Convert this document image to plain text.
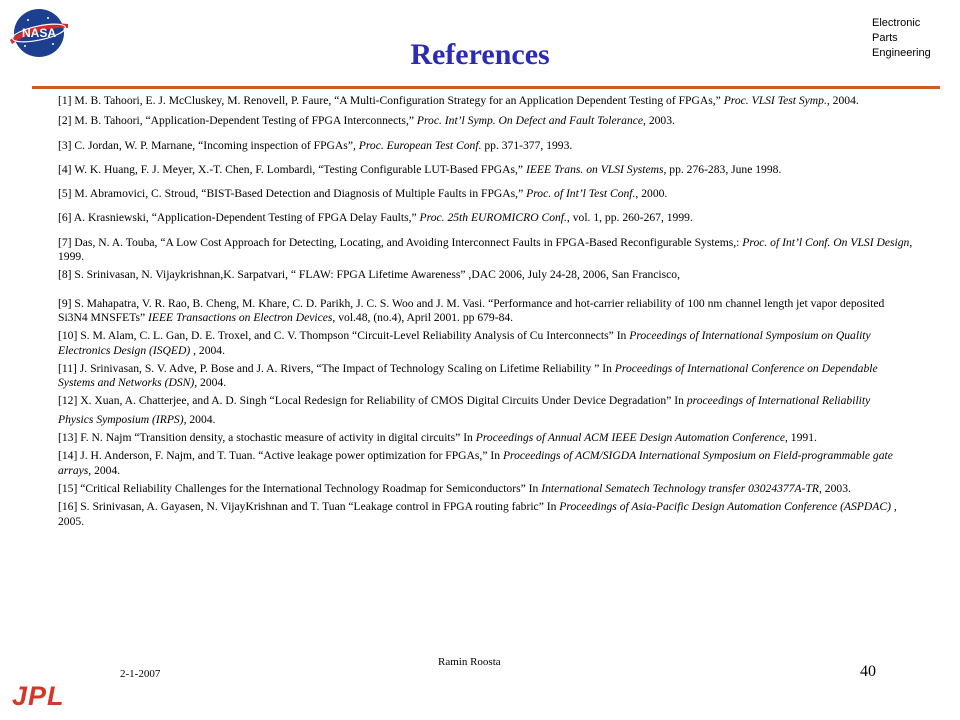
NASA
References
Electronic
Parts
Engineering
[1] M. B. Tahoori, E. J. McCluskey, M. Renovell, P. Faure, “A Multi-Configuration Strategy for an Application Dependent Testing of FPGAs,” Proc. VLSI Test Symp., 2004.
[2] M. B. Tahoori, “Application-Dependent Testing of FPGA Interconnects,” Proc. Int’l Symp. On Defect and Fault Tolerance, 2003.
[3] C. Jordan, W. P. Marnane, “Incoming inspection of FPGAs”, Proc. European Test Conf. pp. 371-377, 1993.
[4] W. K. Huang, F. J. Meyer, X.-T. Chen, F. Lombardi, “Testing Configurable LUT-Based FPGAs,” IEEE Trans. on VLSI Systems, pp. 276-283, June 1998.
[5] M. Abramovici, C. Stroud, “BIST-Based Detection and Diagnosis of Multiple Faults in FPGAs,” Proc. of Int’l Test Conf., 2000.
[6] A. Krasniewski, “Application-Dependent Testing of FPGA Delay Faults,” Proc. 25th EUROMICRO Conf., vol. 1, pp. 260-267, 1999.
[7] Das, N. A. Touba, “A Low Cost Approach for Detecting, Locating, and Avoiding Interconnect Faults in FPGA-Based Reconfigurable Systems,: Proc. of Int’l Conf. On VLSI Design, 1999.
[8] S. Srinivasan, N. Vijaykrishnan,K. Sarpatvari, “ FLAW: FPGA Lifetime Awareness” ,DAC 2006, July 24-28, 2006, San Francisco,
[9] S. Mahapatra, V. R. Rao, B. Cheng, M. Khare, C. D. Parikh, J. C. S. Woo and J. M. Vasi. “Performance and hot-carrier reliability of 100 nm channel length jet vapor deposited Si3N4 MNSFETs” IEEE Transactions on Electron Devices, vol.48, (no.4), April 2001. pp 679-84.
[10] S. M. Alam, C. L. Gan, D. E. Troxel, and C. V. Thompson “Circuit-Level Reliability Analysis of Cu Interconnects” In Proceedings of International Symposium on Quality Electronics Design (ISQED) , 2004.
[11] J. Srinivasan, S. V. Adve, P. Bose and J. A. Rivers, “The Impact of Technology Scaling on Lifetime Reliability ” In Proceedings of International Conference on Dependable Systems and Networks (DSN), 2004.
[12] X. Xuan, A. Chatterjee, and A. D. Singh “Local Redesign for Reliability of CMOS Digital Circuits Under Device Degradation” In proceedings of International Reliability
Physics Symposium (IRPS), 2004.
[13] F. N. Najm “Transition density, a stochastic measure of activity in digital circuits” In Proceedings of Annual ACM IEEE Design Automation Conference, 1991.
[14] J. H. Anderson, F. Najm, and T. Tuan. “Active leakage power optimization for FPGAs,” In Proceedings of ACM/SIGDA International Symposium on Field-programmable gate arrays, 2004.
[15] “Critical Reliability Challenges for the International Technology Roadmap for Semiconductors” In International Sematech Technology transfer 03024377A-TR, 2003.
[16] S. Srinivasan, A. Gayasen, N. VijayKrishnan and T. Tuan “Leakage control in FPGA routing fabric” In Proceedings of Asia-Pacific Design Automation Conference (ASPDAC) , 2005.
2-1-2007
Ramin Roosta
40
JPL
